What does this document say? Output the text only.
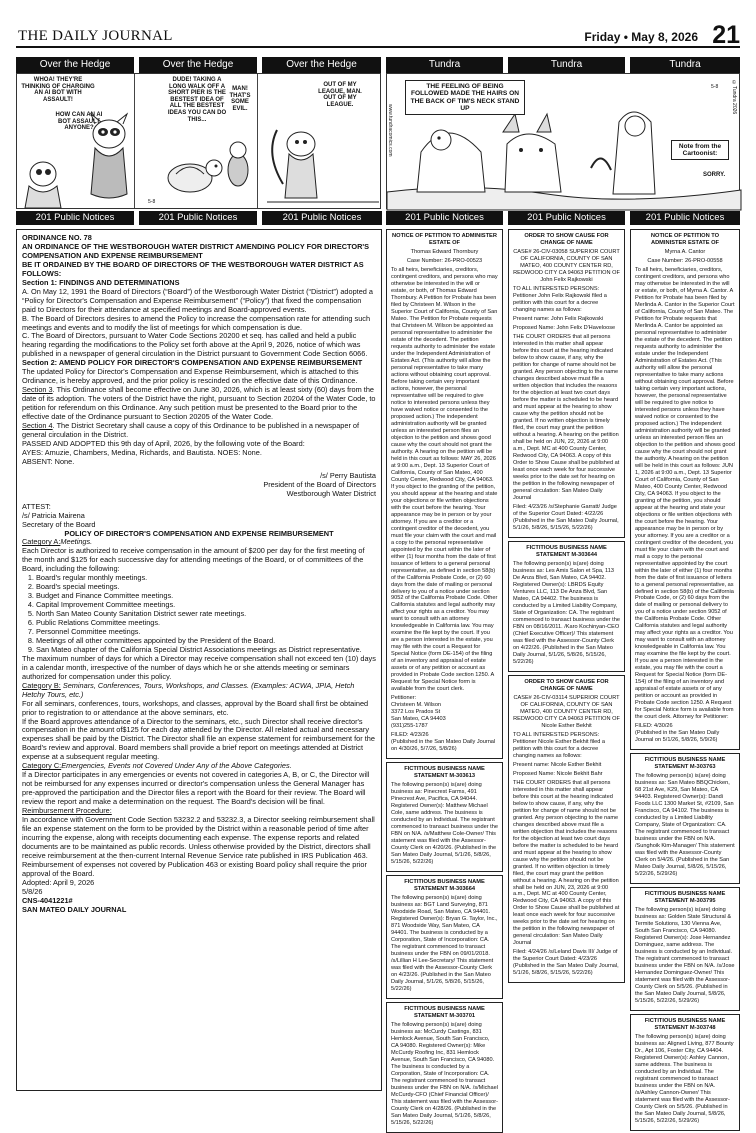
THE DAILY JOURNAL	Friday • May 8, 2026 21
Over the Hedge	Over the Hedge	Over the Hedge	Tundra	Tundra	Tundra
WHOA! THEY'RE THINKING OF CHARGING AN AI BOT WITH ASSAULT!
HOW CAN AN AI BOT ASSAULT ANYONE?
DUDE! TAKING A LONG WALK OFF A SHORT PIER IS THE BESTEST IDEA OF ALL THE BESTEST IDEAS YOU CAN DO THIS...
MAN! THAT'S SOME EVIL.
5-8
OUT OF MY LEAGUE, MAN. OUT OF MY LEAGUE.
THE FEELING OF BEING FOLLOWED MADE THE HAIRS ON THE BACK OF TIM'S NECK STAND UP
www.tundracomics.com
5-8	©Tundra 2026
Note from the Cartoonist:
SORRY.
201 Public Notices	201 Public Notices	201 Public Notices	201 Public Notices	201 Public Notices	201 Public Notices

ORDINANCE NO. 78

AN ORDINANCE OF THE WESTBOROUGH WATER DISTRICT AMENDING POLICY FOR DIRECTOR'S COMPENSATION AND EXPENSE REIMBURSEMENT

BE IT ORDAINED BY THE BOARD OF DIRECTORS OF THE WESTBOROUGH WATER DISTRICT AS FOLLOWS:

Section 1: FINDINGS AND DETERMINATIONS

A. On May 12, 1991 the Board of Directors (“Board”) of the Westborough Water District (“District”) adopted a “Policy for Director's Compensation and Expense Reimbursement” (“Policy”) that fixed the compensation paid to Directors for their attendance at specified meetings and Board-approved events.

B. The Board of Directors desires to amend the Policy to increase the compensation rate for attending such meetings and events and to modify the list of meetings for which compensation is due.

C. The Board of Directors, pursuant to Water Code Sections 20200 et seq. has called and held a public hearing regarding the modifications to the Policy set forth above at the April 9, 2026, notice of which was published in a newspaper of general circulation in the District pursuant to Government Code Section 6066.

Section 2: AMEND POLICY FOR DIRECTOR'S COMPENSATION AND EXPENSE REIMBURSEMENT

The updated Policy for Director's Compensation and Expense Reimbursement, which is attached to this Ordinance, is hereby approved, and the prior policy is rescinded on the effective date of this Ordinance.

Section 3. This Ordinance shall become effective on June 30, 2026, which is at least sixty (60) days from the date of its adoption. The voters of the District have the right, pursuant to Section 20204 of the Water Code, to petition for referendum on this Ordinance. Any such petition must be presented to the Board prior to the effective date of the Ordinance pursuant to Section 20205 of the Water Code.

Section 4. The District Secretary shall cause a copy of this Ordinance to be published in a newspaper of general circulation in the District.

PASSED AND ADOPTED this 9th day of April, 2026, by the following vote of the Board:

AYES: Amuzie, Chambers, Medina, Richards, and Bautista. NOES: None.

ABSENT: None.

/s/ Perry Bautista

President of the Board of Directors

Westborough Water District

ATTEST:

/s/ Patricia Mairena

Secretary of the Board

POLICY OF DIRECTOR'S COMPENSATION AND EXPENSE REIMBURSEMENT

Category A:Meetings.

Each Director is authorized to receive compensation in the amount of $200 per day for the first meeting of the month and $125 for each successive day for attending meetings of the Board, or of committees of the Board, including the following:

1. Board's regular monthly meetings.
2. Board's special meetings.
3. Budget and Finance Committee meetings.
4. Capital Improvement Committee meetings.
5. North San Mateo County Sanitation District sewer rate meetings.
6. Public Relations Committee meetings.
7. Personnel Committee meetings.
8. Meetings of all other committees appointed by the President of the Board.
9. San Mateo chapter of the California Special District Associations meetings as District representative.

The maximum number of days for which a Director may receive compensation shall not exceed ten (10) days in a calendar month, irrespective of the number of days which he or she attends meeting or seminars authorized for compensation under this policy.

Category B: Seminars, Conferences, Tours, Workshops, and Classes. (Examples: ACWA, JPIA, Hetch Hetchy Tours, etc.)

For all seminars, conferences, tours, workshops, and classes, approval by the Board shall first be obtained prior to registration to or attendance at the above seminars, etc.

If the Board approves attendance of a Director to the seminars, etc., such Director shall receive director's compensation in the amount of$125 for each day attended by the Director. All related actual and necessary expenses shall be paid by the District. The Director shall file an expense statement for reimbursement for the Board's review and approval. Board members shall provide a brief report on meetings attended at District expense at a subsequent regular meeting.

Category C:Emergencies, Events not Covered Under Any of the Above Categories.

If a Director participates in any emergencies or events not covered in categories A, B, or C, the Director will not be reimbursed for any expenses incurred or director's compensation unless the General Manager has pre-approved the participation and the Director files a report with the Board for their review. The Board will review the report and make a determination on the request. The Board's decision will be final.

Reimbursement Procedure:

In accordance with Government Code Section 53232.2 and 53232.3, a Director seeking reimbursement shall file an expense statement on the form to be provided by the District within a reasonable period of time after incurring the expense, along with receipts documenting each expense. The expense reports and related documents are to be maintained as public records. Unless otherwise provided by the District, directors shall receive reimbursement at the then-current Internal Revenue Service rate published in IRS Publication 463. Reimbursement of expenses not covered by Publication 463 or existing Board policy shall require the prior approval of the Board.

Adopted: April 9, 2026

5/8/26

CNS-4041221#

SAN MATEO DAILY JOURNAL

NOTICE OF PETITION TO ADMINISTER ESTATE OF

Thomas Edward Thornbury

Case Number: 26-PRO-00523

To all heirs, beneficiaries, creditors, contingent creditors, and persons who may otherwise be interested in the will or estate, or both, of Thomas Edward Thornbury. A Petition for Probate has been filed by Christeen M. Wilson in the Superior Court of California, County of San Mateo. The Petition for Probate requests that Christeen M. Wilson be appointed as personal representative to administer the estate of the decedent. The petition requests authority to administer the estate under the Independent Administration of Estates Act. (This authority will allow the personal representative to take many actions without obtaining court approval. Before taking certain very important actions, however, the personal representative will be required to give notice to interested persons unless they have waived notice or consented to the proposed action.) The independent administration authority will be granted unless an interested person files an objection to the petition and shows good cause why the court should not grant the authority. A hearing on the petition will be held in this court as follows: MAY 26, 2026 at 9:00 a.m., Dept. 13 Superior Court of California, County of San Mateo, 400 County Center, Redwood City, CA 94063. If you object to the granting of the petition, you should appear at the hearing and state your objections or file written objections with the court before the hearing. Your appearance may be in person or by your attorney. If you are a creditor or a contingent creditor of the decedent, you must file your claim with the court and mail a copy to the personal representative appointed by the court within the later of either (1) four months from the date of first issuance of letters to a general personal representative, as defined in section 58(b) of the California Probate Code, or (2) 60 days from the date of mailing or personal delivery to you of a notice under section 9052 of the California Probate Code. Other California statutes and legal authority may affect your rights as a creditor. You may want to consult with an attorney knowledgeable in California law. You may examine the file kept by the court. If you are a person interested in the estate, you may file with the court a Request for Special Notice (form DE-154) of the filing of an inventory and appraisal of estate assets or of any petition or account as provided in Probate Code section 1250. A Request for Special Notice form is available from the court clerk.

Petitioner:

Christeen M. Wilson

3372 Los Prados St

San Mateo, CA 94403

(931)255-1787

FILED: 4/23/26

(Published in the San Mateo Daily Journal on 4/30/26, 5/7/26, 5/8/26)

FICTITIOUS BUSINESS NAME STATEMENT M-303613

The following person(s) is(are) doing business as: Pinecrest Farms, 491 Pinecrest Ave, Pacifica, CA 94044. Registered Owner(s): Matthew Michael Cole, same address. The business is conducted by an Individual. The registrant commenced to transact business under the FBN on N/A. /s/Matthew Cole-Owner/ This statement was filed with the Assessor-County Clerk on 4/20/26. (Published in the San Mateo Daily Journal, 5/1/26, 5/8/26, 5/15/26, 5/22/26)

FICTITIOUS BUSINESS NAME STATEMENT M-303664

The following person(s) is(are) doing business as: BGT Land Surveying, 871 Woodside Road, San Mateo, CA 94401. Registered Owner(s): Bryan G. Taylor, Inc., 871 Woodside Way, San Mateo, CA 94401. The business is conducted by a Corporation, State of Incorporation: CA. The registrant commenced to transact business under the FBN on 09/01/2018. /s/Lillian H Lee-Secretary/ This statement was filed with the Assessor-County Clerk on 4/23/26. (Published in the San Mateo Daily Journal, 5/1/26, 5/8/26, 5/15/26, 5/22/26)

FICTITIOUS BUSINESS NAME STATEMENT M-303701

The following person(s) is(are) doing business as: McCurdy Castings, 831 Hemlock Avenue, South San Francisco, CA 94080. Registered Owner(s): Mike McCurdy Roofing Inc, 831 Hemlock Avenue, South San Francisco, CA 94080. The business is conducted by a Corporation, State of Incorporation: CA. The registrant commenced to transact business under the FBN on N/A. /s/Michael McCurdy-CFO (Chief Financial Officer)/ This statement was filed with the Assessor-County Clerk on 4/28/26. (Published in the San Mateo Daily Journal, 5/1/26, 5/8/26, 5/15/26, 5/22/26)

ORDER TO SHOW CAUSE FOR CHANGE OF NAME

CASE# 26-CIV-03058 SUPERIOR COURT OF CALIFORNIA, COUNTY OF SAN MATEO, 400 COUNTY CENTER RD, REDWOOD CITY CA 94063 PETITION OF John Felix Rajkowski

TO ALL INTERESTED PERSONS: Petitioner John Felix Rajkowski filed a petition with this court for a decree changing names as follows:

Present name: John Felix Rajkowski

Proposed Name: John Felix D'Haveloose

THE COURT ORDERS that all persons interested in this matter shall appear before this court at the hearing indicated below to show cause, if any, why the petition for change of name should not be granted. Any person objecting to the name changes described above must file a written objection that includes the reasons for the objection at least two court days before the matter is scheduled to be heard and must appear at the hearing to show cause why the petition should not be granted. If no written objection is timely filed, the court may grant the petition without a hearing. A hearing on the petition shall be held on JUN, 22, 2026 at 9:00 a.m., Dept. MC at 400 County Center, Redwood City, CA 94063. A copy of this Order to Show Cause shall be published at least once each week for four successive weeks prior to the date set for hearing on the petition in the following newspaper of general circulation: San Mateo Daily Journal

Filed: 4/23/26 /s/Stephanie Garratt/ Judge of the Superior Court Dated: 4/22/26 (Published in the San Mateo Daily Journal, 5/1/26, 5/8/26, 5/15/26, 5/22/26)

FICTITIOUS BUSINESS NAME STATEMENT M-303644

The following person(s) is(are) doing business as: Les Amis Salon et Spa, 113 De Anza Blvd, San Mateo, CA 94402. Registered Owner(s): LBRDS Equity Ventures LLC, 113 De Anza Blvd, San Mateo, CA 94402. The business is conducted by a Limited Liability Company, State of Organization: CA. The registrant commenced to transact business under the FBN on 08/16/2011. /Karo Kochinyan-CEO (Chief Executive Officer)/ This statement was filed with the Assessor-County Clerk on 4/22/26. (Published in the San Mateo Daily Journal, 5/1/26, 5/8/26, 5/15/26, 5/22/26)

ORDER TO SHOW CAUSE FOR CHANGE OF NAME

CASE# 26-CIV-03114 SUPERIOR COURT OF CALIFORNIA, COUNTY OF SAN MATEO, 400 COUNTY CENTER RD, REDWOOD CITY CA 94063 PETITION OF Nicole Esther Bekhit

TO ALL INTERESTED PERSONS: Petitioner Nicole Esther Bekhit filed a petition with this court for a decree changing names as follows:

Present name: Nicole Esther Bekhit

Proposed Name: Nicole Bekhit Bahr

THE COURT ORDERS that all persons interested in this matter shall appear before this court at the hearing indicated below to show cause, if any, why the petition for change of name should not be granted. Any person objecting to the name changes described above must file a written objection that includes the reasons for the objection at least two court days before the matter is scheduled to be heard and must appear at the hearing to show cause why the petition should not be granted. If no written objection is timely filed, the court may grant the petition without a hearing. A hearing on the petition shall be held on JUN, 23, 2026 at 9:00 a.m., Dept. MC at 400 County Center, Redwood City, CA 94063. A copy of this Order to Show Cause shall be published at least once each week for four successive weeks prior to the date set for hearing on the petition in the following newspaper of general circulation: San Mateo Daily Journal

Filed: 4/24/26 /s/Leland Davis III/ Judge of the Superior Court Dated: 4/23/26 (Published in the San Mateo Daily Journal, 5/1/26, 5/8/26, 5/15/26, 5/22/26)

NOTICE OF PETITION TO ADMINISTER ESTATE OF

Myrna A. Cantor

Case Number: 26-PRO-00558

To all heirs, beneficiaries, creditors, contingent creditors, and persons who may otherwise be interested in the will or estate, or both, of Myrna A. Cantor. A Petition for Probate has been filed by Merlinda A. Cantor in the Superior Court of California, County of San Mateo. The Petition for Probate requests that Merlinda A. Cantor be appointed as personal representative to administer the estate of the decedent. The petition requests authority to administer the estate under the Independent Administration of Estates Act. (This authority will allow the personal representative to take many actions without obtaining court approval. Before taking certain very important actions, however, the personal representative will be required to give notice to interested persons unless they have waived notice or consented to the proposed action.) The independent administration authority will be granted unless an interested person files an objection to the petition and shows good cause why the court should not grant the authority. A hearing on the petition will be held in this court as follows: JUN 1, 2026 at 9:00 a.m., Dept. 13 Superior Court of California, County of San Mateo, 400 County Center, Redwood City, CA 94063. If you object to the granting of the petition, you should appear at the hearing and state your objections or file written objections with the court before the hearing. Your appearance may be in person or by your attorney. If you are a creditor or a contingent creditor of the decedent, you must file your claim with the court and mail a copy to the personal representative appointed by the court within the later of either (1) four months from the date of first issuance of letters to a general personal representative, as defined in section 58(b) of the California Probate Code, or (2) 60 days from the date of mailing or personal delivery to you of a notice under section 9052 of the California Probate Code. Other California statutes and legal authority may affect your rights as a creditor. You may want to consult with an attorney knowledgeable in California law. You may examine the file kept by the court. If you are a person interested in the estate, you may file with the court a Request for Special Notice (form DE-154) of the filing of an inventory and appraisal of estate assets or of any petition or account as provided in Probate Code section 1250. A Request for Special Notice form is available from the court clerk. Attorney for Petitioner:

FILED: 4/30/26

(Published in the San Mateo Daily Journal on 5/1/26, 5/8/26, 5/9/26)

FICTITIOUS BUSINESS NAME STATEMENT M-303763

The following person(s) is(are) doing business as: San Mateo BBQChicken, 68 21st Ave, K29, San Mateo, CA 94403. Registered Owner(s): Dandi Foods LLC 1300 Market St, #2109, San Francisco, CA 94102. The business is conducted by a Limited Liability Company, State of Organization: CA. The registrant commenced to transact business under the FBN on N/A. /Sunghoik Kim-Manager/ This statement was filed with the Assessor-County Clerk on 5/4/26. (Published in the San Mateo Daily Journal, 5/8/26, 5/15/26, 5/22/26, 5/29/26)

FICTITIOUS BUSINESS NAME STATEMENT M-303795

The following person(s) is(are) doing business as: Golden State Structural & Termite Solutions, 130 Vienna Ave, South San Francisco, CA 94080. Registered Owner(s): Jose Hernandez Dominguez, same address. The business is conducted by an Individual. The registrant commenced to transact business under the FBN on N/A. /s/Jose Hernandez Dominguez-Owner/ This statement was filed with the Assessor-County Clerk on 5/5/26. (Published in the San Mateo Daily Journal, 5/8/26, 5/15/26, 5/22/26, 5/29/26)

FICTITIOUS BUSINESS NAME STATEMENT M-303748

The following person(s) is(are) doing business as: Aligned Living, 877 Bounty Dr., Apt 106, Foster City, CA 94404. Registered Owner(s): Ashley Cannon, same address. The business is conducted by an Individual. The registrant commenced to transact business under the FBN on N/A. /s/Ashley Cannon-Owner/ This statement was filed with the Assessor-County Clerk on 5/5/26. (Published in the San Mateo Daily Journal, 5/8/26, 5/15/26, 5/22/26, 5/29/26)
